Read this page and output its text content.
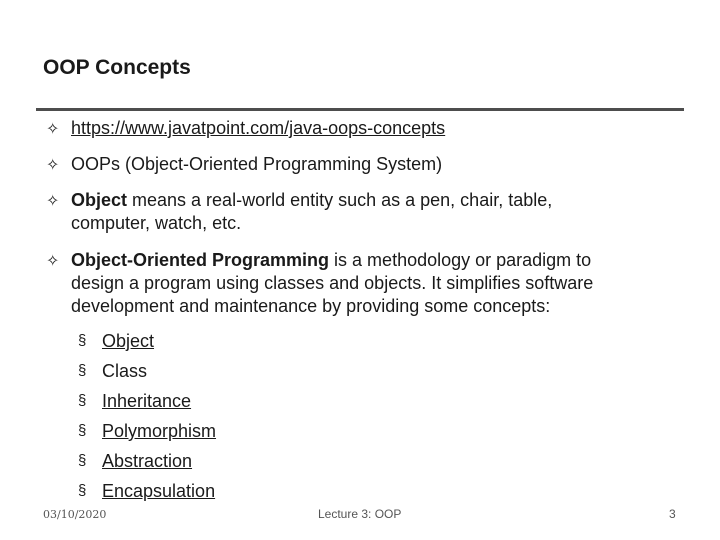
OOP Concepts
✧ https://www.javatpoint.com/java-oops-concepts
✧ OOPs (Object-Oriented Programming System)
✧ Object means a real-world entity such as a pen, chair, table,
computer, watch, etc.
✧ Object-Oriented Programming is a methodology or paradigm to
design a program using classes and objects. It simplifies software
development and maintenance by providing some concepts:
§ Object
§ Class
§ Inheritance
§ Polymorphism
§ Abstraction
§ Encapsulation
03/10/2020	Lecture 3: OOP	3
